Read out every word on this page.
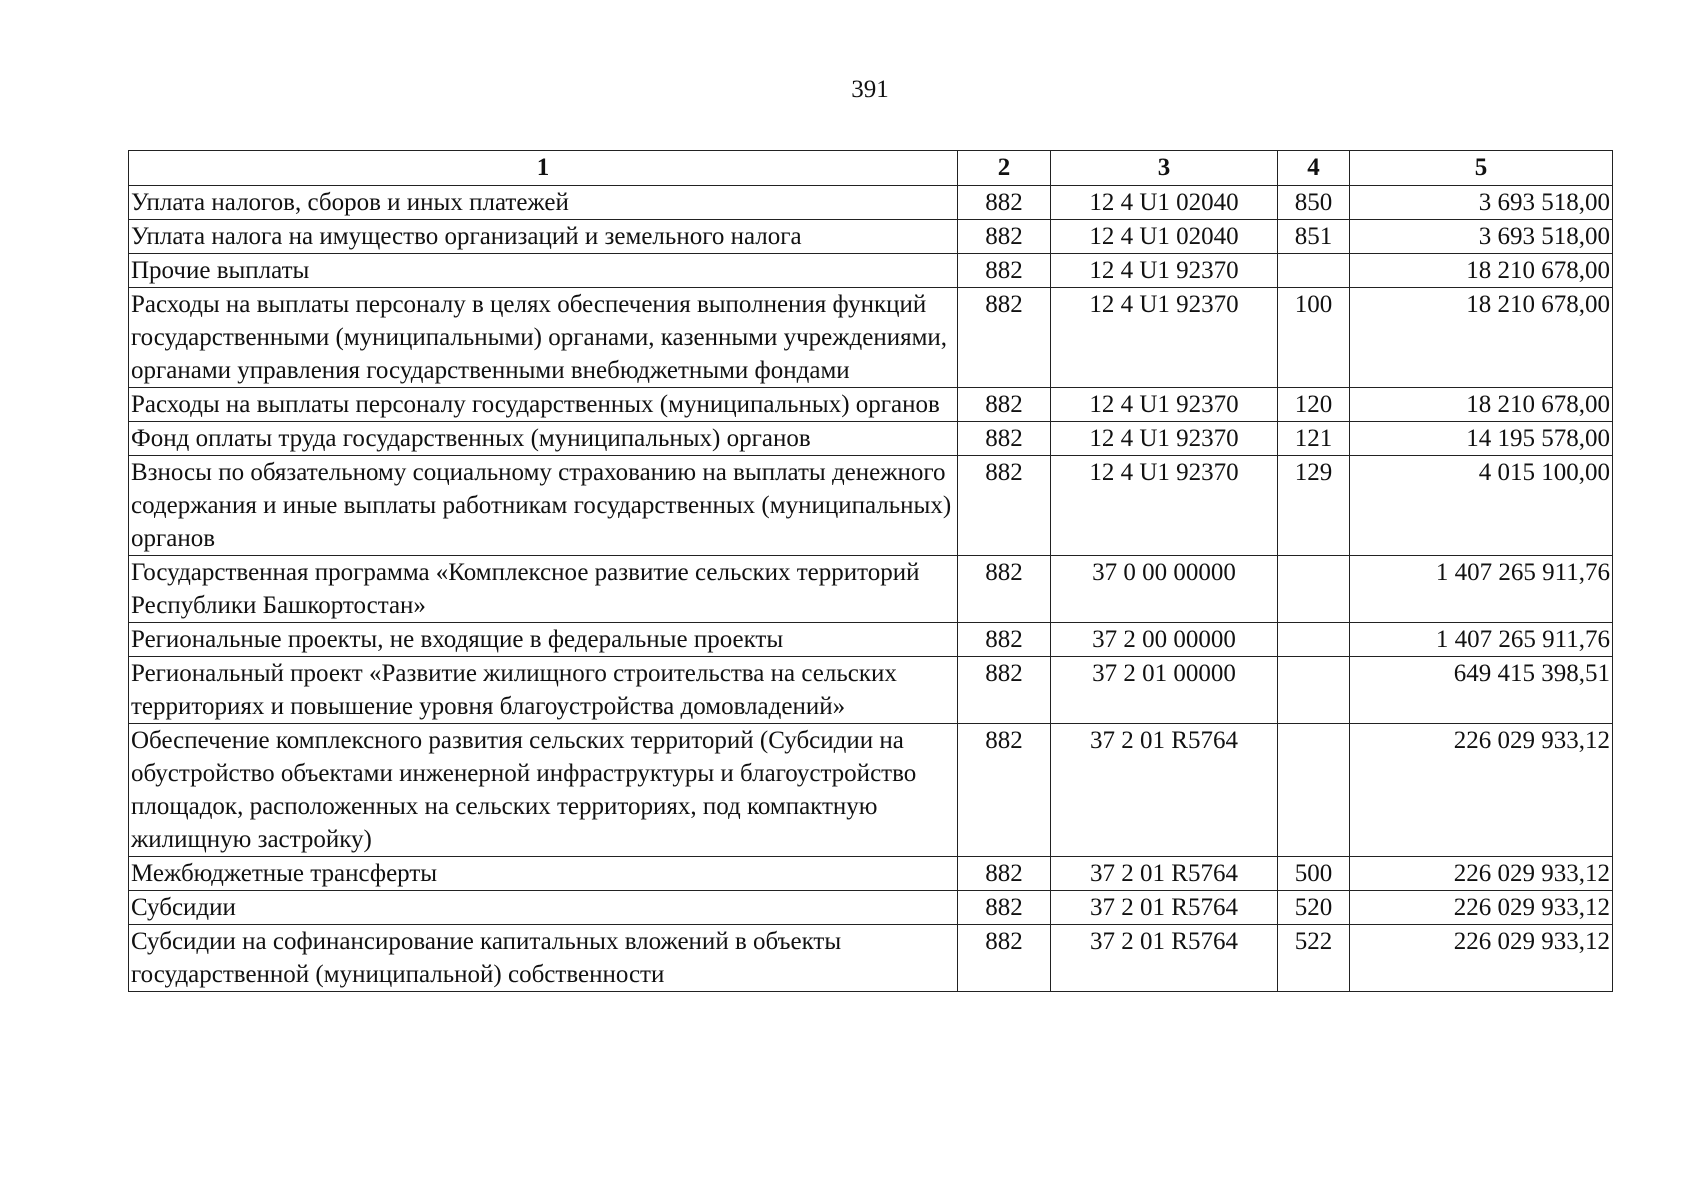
391
1	2	3	4	5
Уплата налогов, сборов и иных платежей	882	12 4 U1 02040	850	3 693 518,00
Уплата налога на имущество организаций и земельного налога	882	12 4 U1 02040	851	3 693 518,00
Прочие выплаты	882	12 4 U1 92370		18 210 678,00
Расходы на выплаты персоналу в целях обеспечения выполнения функций государственными (муниципальными) органами, казенными учреждениями, органами управления государственными внебюджетными фондами	882	12 4 U1 92370	100	18 210 678,00
Расходы на выплаты персоналу государственных (муниципальных) органов	882	12 4 U1 92370	120	18 210 678,00
Фонд оплаты труда государственных (муниципальных) органов	882	12 4 U1 92370	121	14 195 578,00
Взносы по обязательному социальному страхованию на выплаты денежного содержания и иные выплаты работникам государственных (муниципальных) органов	882	12 4 U1 92370	129	4 015 100,00
Государственная программа «Комплексное развитие сельских территорий Республики Башкортостан»	882	37 0 00 00000		1 407 265 911,76
Региональные проекты, не входящие в федеральные проекты	882	37 2 00 00000		1 407 265 911,76
Региональный проект «Развитие жилищного строительства на сельских территориях и повышение уровня благоустройства домовладений»	882	37 2 01 00000		649 415 398,51
Обеспечение комплексного развития сельских территорий (Субсидии на обустройство объектами инженерной инфраструктуры и благоустройство площадок, расположенных на сельских территориях, под компактную жилищную застройку)	882	37 2 01 R5764		226 029 933,12
Межбюджетные трансферты	882	37 2 01 R5764	500	226 029 933,12
Субсидии	882	37 2 01 R5764	520	226 029 933,12
Субсидии на софинансирование капитальных вложений в объекты государственной (муниципальной) собственности	882	37 2 01 R5764	522	226 029 933,12
